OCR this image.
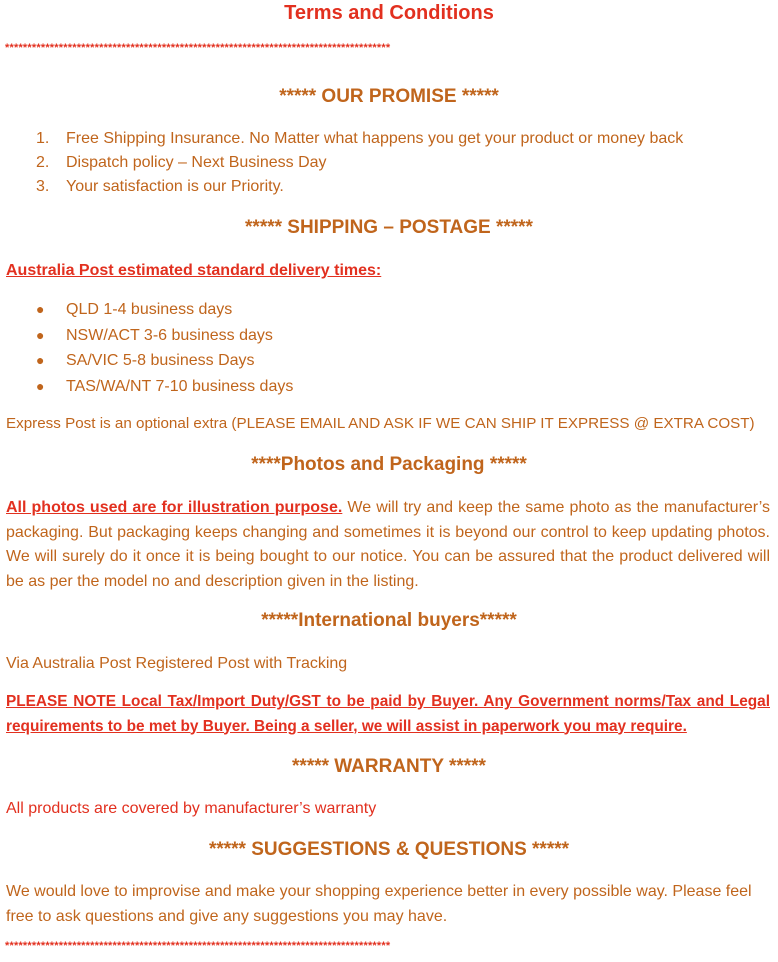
Terms and Conditions
**************************************************************************************
***** OUR PROMISE *****
1. Free Shipping Insurance. No Matter what happens you get your product or money back
2. Dispatch policy – Next Business Day
3. Your satisfaction is our Priority.
***** SHIPPING – POSTAGE *****
Australia Post estimated standard delivery times:
● QLD 1-4 business days
● NSW/ACT 3-6 business days
● SA/VIC 5-8 business Days
● TAS/WA/NT 7-10 business days
Express Post is an optional extra (PLEASE EMAIL AND ASK IF WE CAN SHIP IT EXPRESS @ EXTRA COST)
****Photos and Packaging *****
All photos used are for illustration purpose. We will try and keep the same photo as the manufacturer’s packaging. But packaging keeps changing and sometimes it is beyond our control to keep updating photos. We will surely do it once it is being bought to our notice. You can be assured that the product delivered will be as per the model no and description given in the listing.
*****International buyers*****
Via Australia Post Registered Post with Tracking
PLEASE NOTE Local Tax/Import Duty/GST to be paid by Buyer. Any Government norms/Tax and Legal requirements to be met by Buyer. Being a seller, we will assist in paperwork you may require.
***** WARRANTY *****
All products are covered by manufacturer’s warranty
***** SUGGESTIONS & QUESTIONS *****
We would love to improvise and make your shopping experience better in every possible way. Please feel free to ask questions and give any suggestions you may have.
**************************************************************************************
